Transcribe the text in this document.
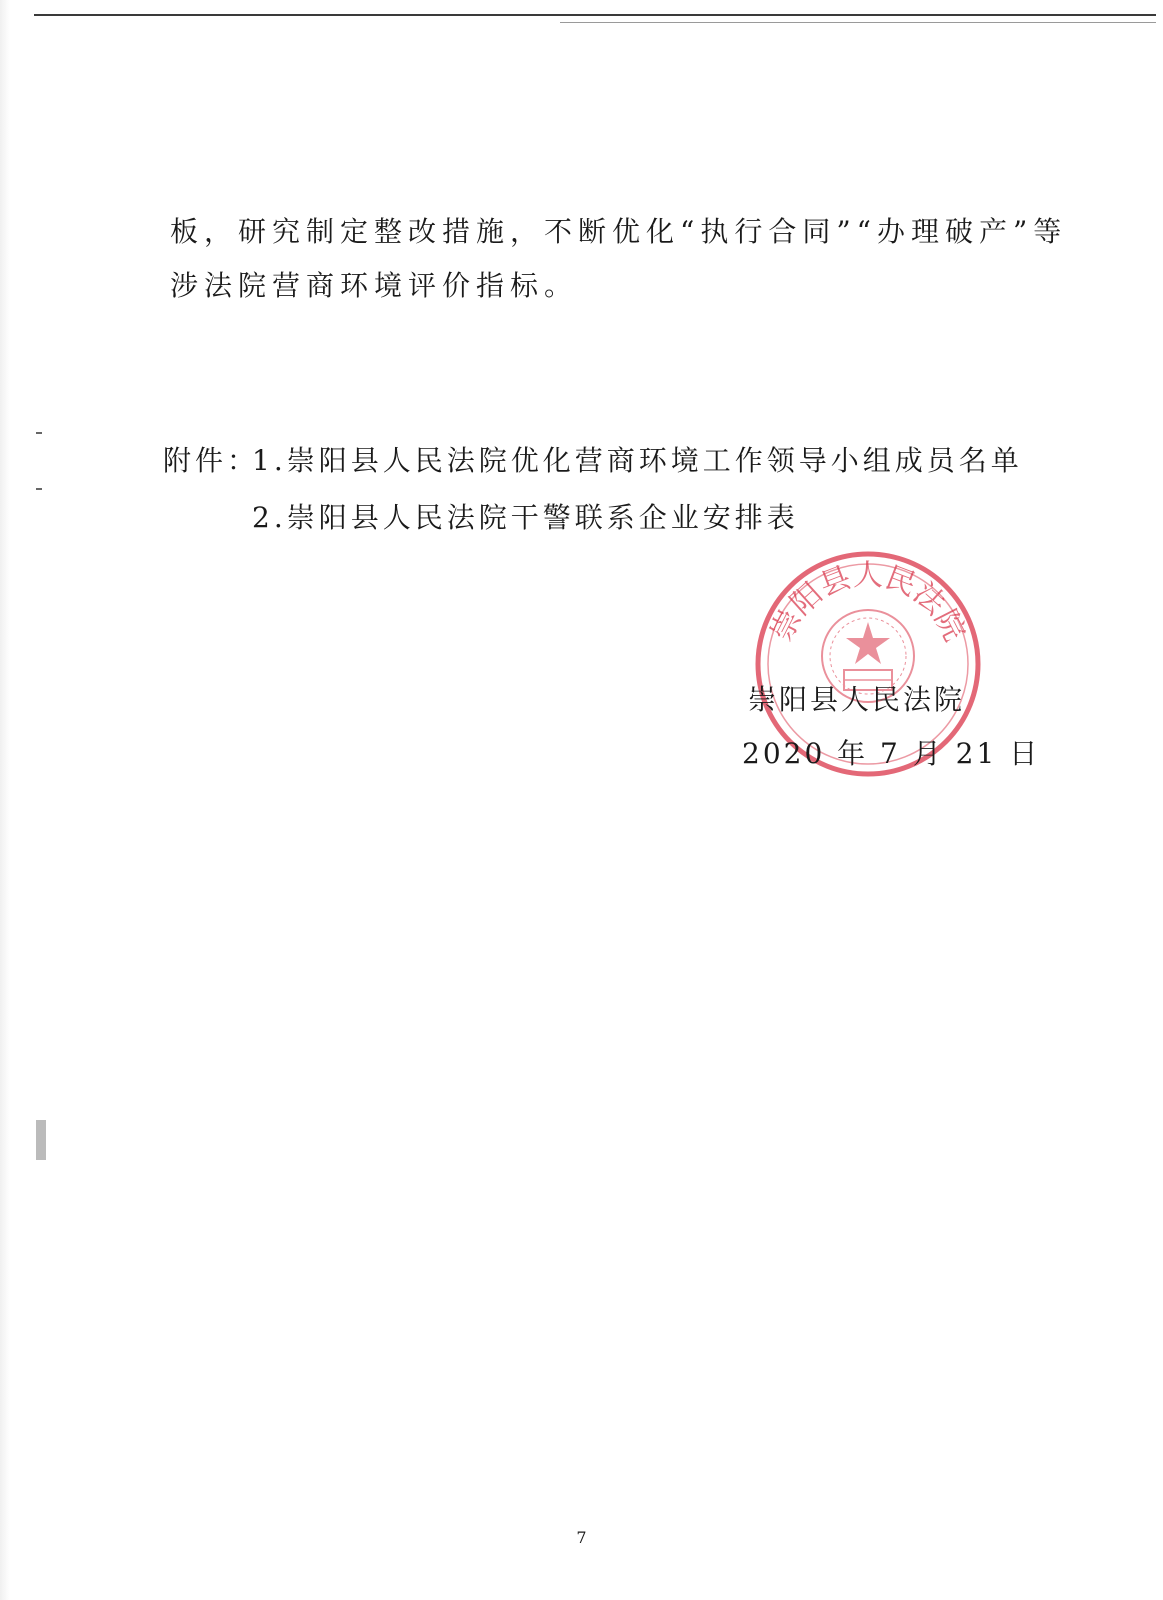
板，研究制定整改措施，不断优化“执行合同”“办理破产”等
涉法院营商环境评价指标。
附件：
1.崇阳县人民法院优化营商环境工作领导小组成员名单
2.崇阳县人民法院干警联系企业安排表
崇阳县人民法院
崇阳县人民法院
2020 年 7 月 21 日
7
